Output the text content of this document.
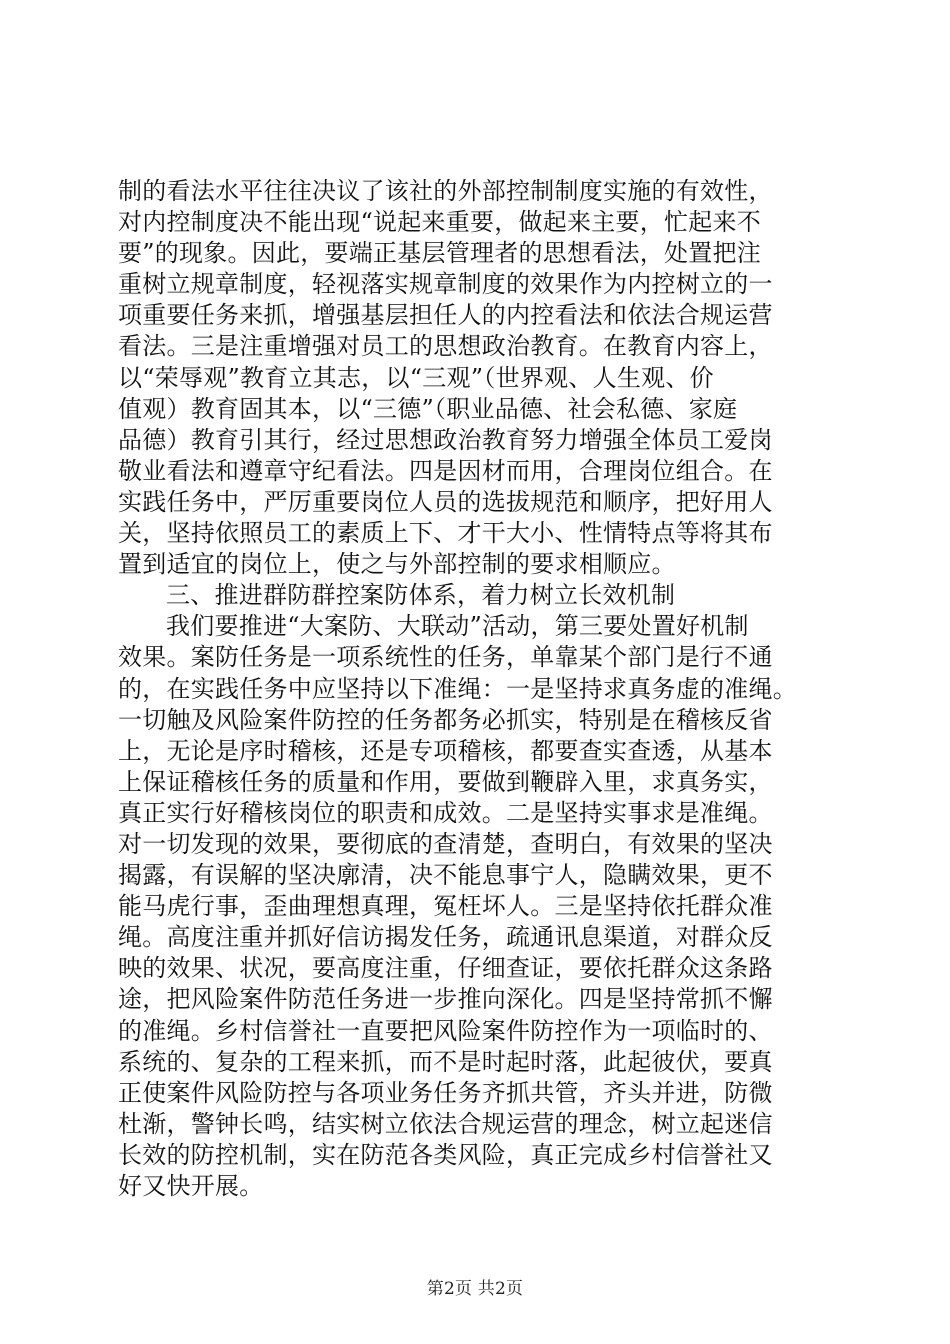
制的看法水平往往决议了该社的外部控制制度实施的有效性，
对内控制度决不能出现“说起来重要，做起来主要，忙起来不
要”的现象。因此，要端正基层管理者的思想看法，处置把注
重树立规章制度，轻视落实规章制度的效果作为内控树立的一
项重要任务来抓，增强基层担任人的内控看法和依法合规运营
看法。三是注重增强对员工的思想政治教育。在教育内容上，
以“荣辱观”教育立其志，以“三观”（世界观、人生观、价
值观）教育固其本，以“三德”（职业品德、社会私德、家庭
品德）教育引其行，经过思想政治教育努力增强全体员工爱岗
敬业看法和遵章守纪看法。四是因材而用，合理岗位组合。在
实践任务中，严厉重要岗位人员的选拔规范和顺序，把好用人
关，坚持依照员工的素质上下、才干大小、性情特点等将其布
置到适宜的岗位上，使之与外部控制的要求相顺应。
三、推进群防群控案防体系，着力树立长效机制
我们要推进“大案防、大联动”活动，第三要处置好机制
效果。案防任务是一项系统性的任务，单靠某个部门是行不通
的，在实践任务中应坚持以下准绳：一是坚持求真务虚的准绳。
一切触及风险案件防控的任务都务必抓实，特别是在稽核反省
上，无论是序时稽核，还是专项稽核，都要查实查透，从基本
上保证稽核任务的质量和作用，要做到鞭辟入里，求真务实，
真正实行好稽核岗位的职责和成效。二是坚持实事求是准绳。
对一切发现的效果，要彻底的查清楚，查明白，有效果的坚决
揭露，有误解的坚决廓清，决不能息事宁人，隐瞒效果，更不
能马虎行事，歪曲理想真理，冤枉坏人。三是坚持依托群众准
绳。高度注重并抓好信访揭发任务，疏通讯息渠道，对群众反
映的效果、状况，要高度注重，仔细查证，要依托群众这条路
途，把风险案件防范任务进一步推向深化。四是坚持常抓不懈
的准绳。乡村信誉社一直要把风险案件防控作为一项临时的、
系统的、复杂的工程来抓，而不是时起时落，此起彼伏，要真
正使案件风险防控与各项业务任务齐抓共管，齐头并进，防微
杜渐，警钟长鸣，结实树立依法合规运营的理念，树立起迷信
长效的防控机制，实在防范各类风险，真正完成乡村信誉社又
好又快开展。
第2页 共2页
